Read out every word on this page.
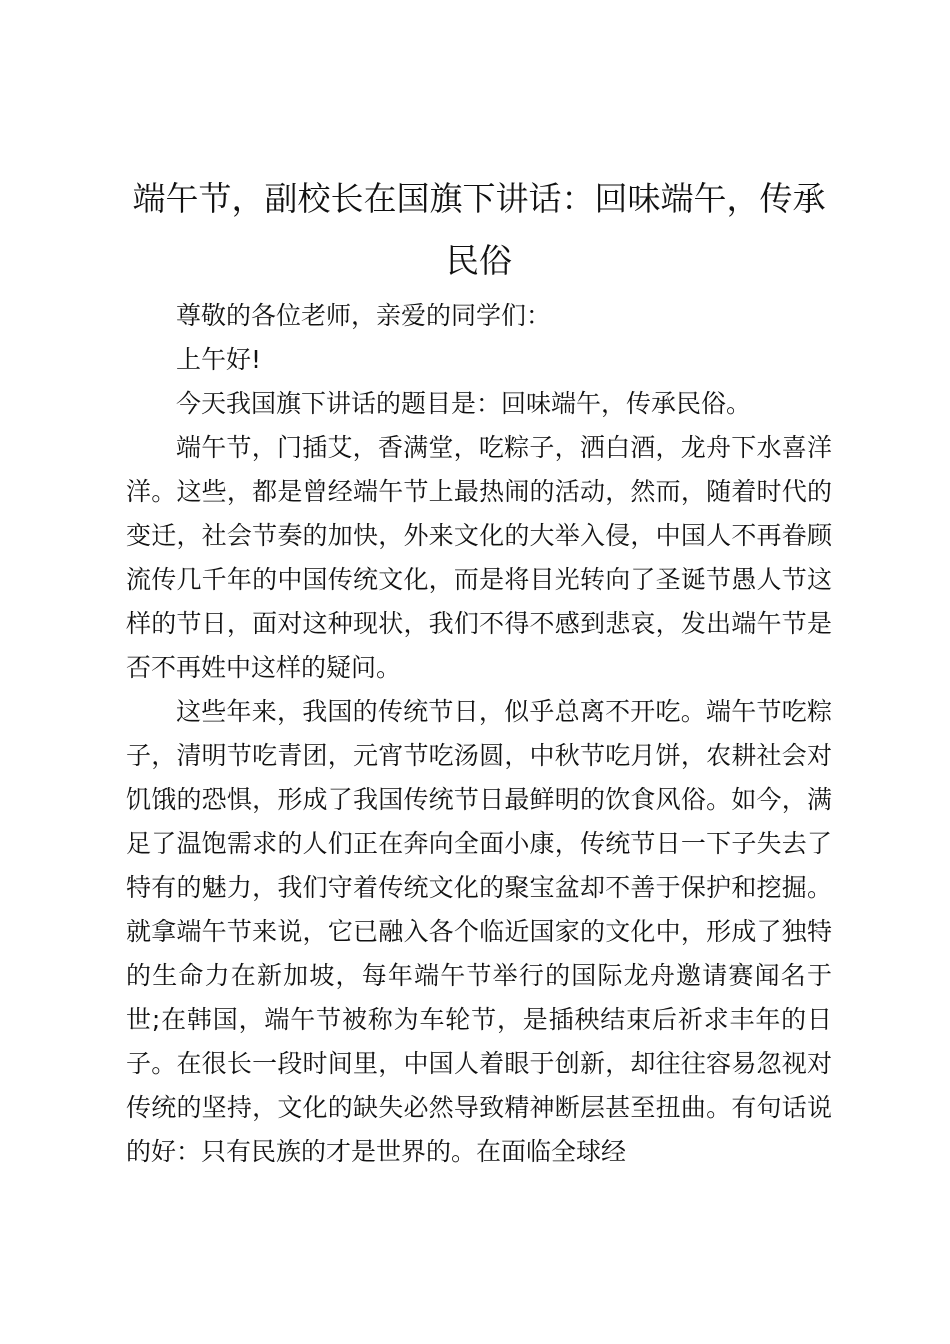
端午节，副校长在国旗下讲话：回味端午，传承民俗

尊敬的各位老师，亲爱的同学们：

上午好!

今天我国旗下讲话的题目是：回味端午，传承民俗。

端午节，门插艾，香满堂，吃粽子，洒白酒，龙舟下水喜洋洋。这些，都是曾经端午节上最热闹的活动，然而，随着时代的变迁，社会节奏的加快，外来文化的大举入侵，中国人不再眷顾流传几千年的中国传统文化，而是将目光转向了圣诞节愚人节这样的节日，面对这种现状，我们不得不感到悲哀，发出端午节是否不再姓中这样的疑问。

这些年来，我国的传统节日，似乎总离不开吃。端午节吃粽子，清明节吃青团，元宵节吃汤圆，中秋节吃月饼，农耕社会对饥饿的恐惧，形成了我国传统节日最鲜明的饮食风俗。如今，满足了温饱需求的人们正在奔向全面小康，传统节日一下子失去了特有的魅力，我们守着传统文化的聚宝盆却不善于保护和挖掘。就拿端午节来说，它已融入各个临近国家的文化中，形成了独特的生命力在新加坡，每年端午节举行的国际龙舟邀请赛闻名于世;在韩国，端午节被称为车轮节，是插秧结束后祈求丰年的日子。在很长一段时间里，中国人着眼于创新，却往往容易忽视对传统的坚持，文化的缺失必然导致精神断层甚至扭曲。有句话说的好：只有民族的才是世界的。在面临全球经
